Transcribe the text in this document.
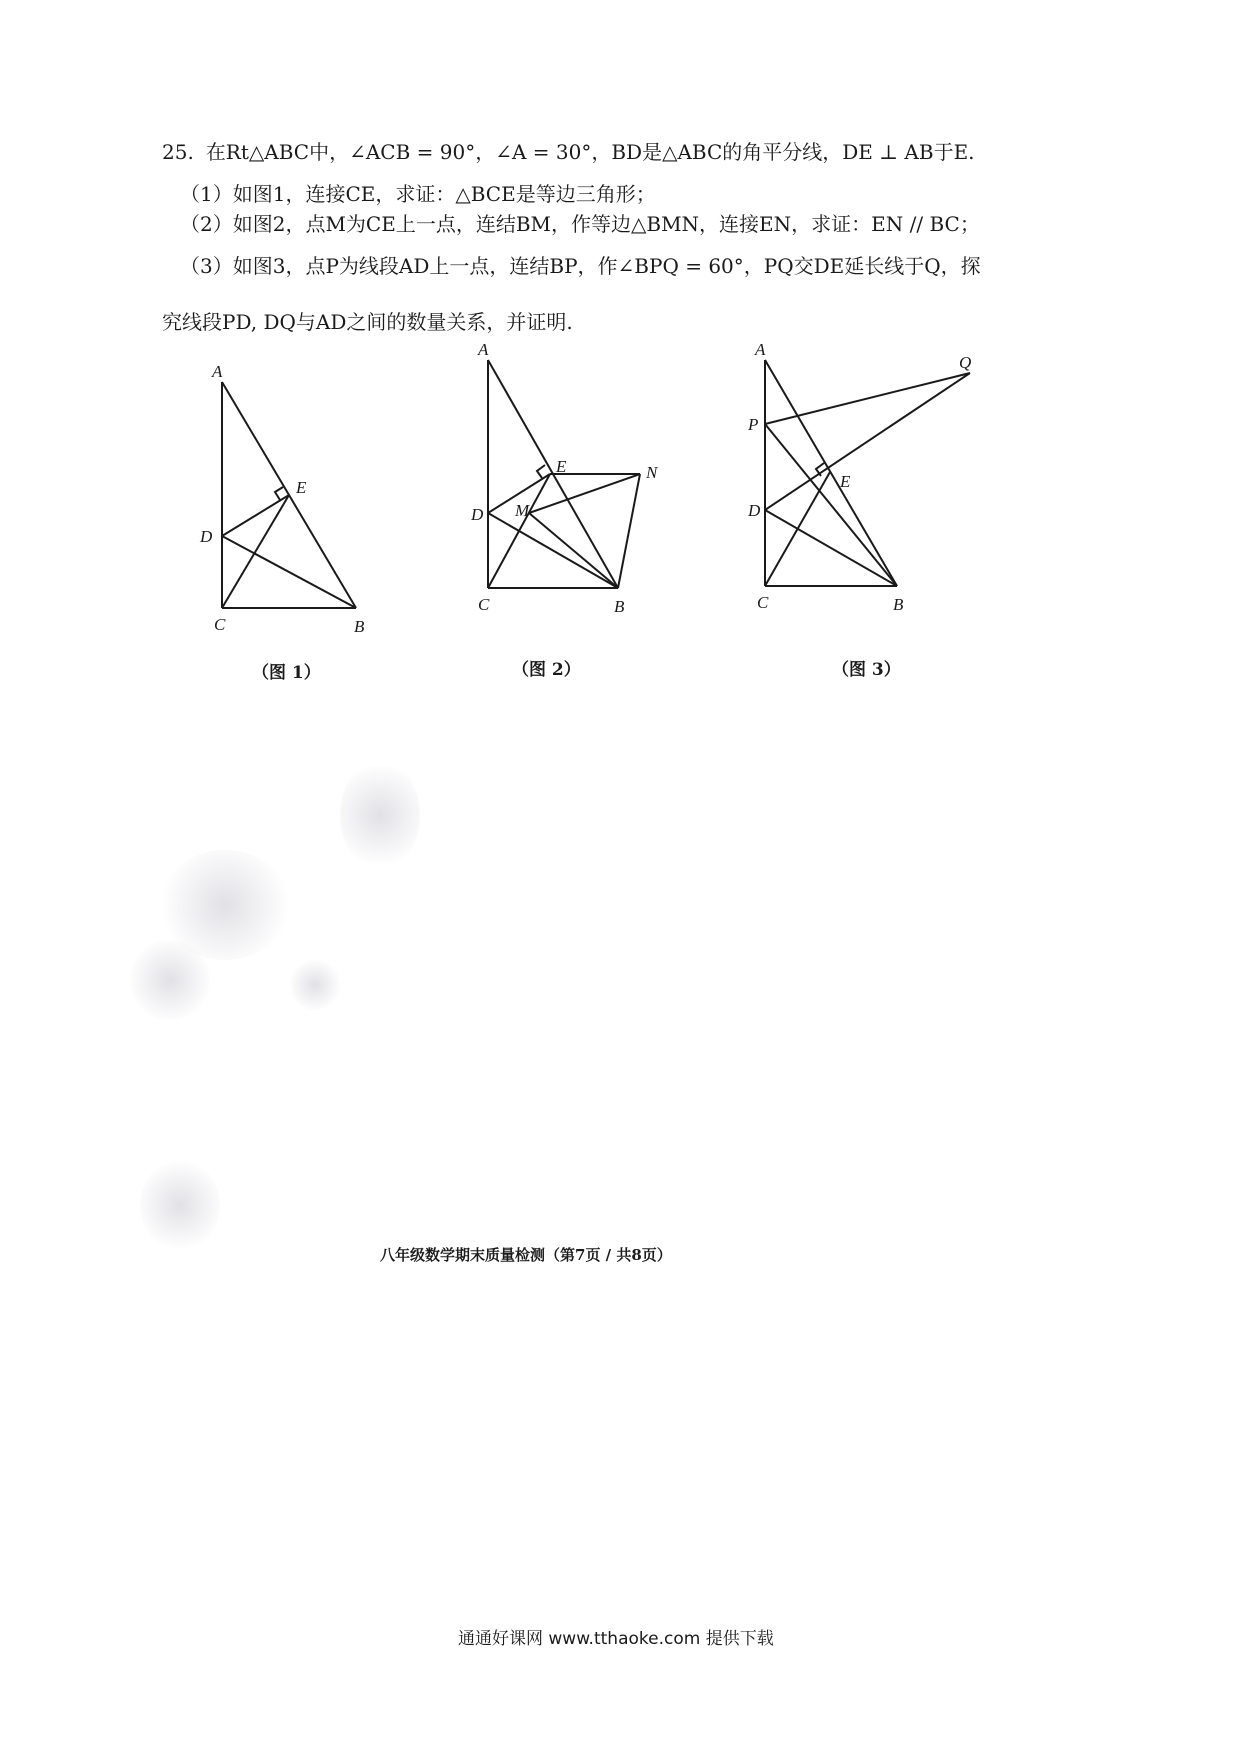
25. 在Rt△ABC中，∠ACB = 90°，∠A = 30°，BD是△ABC的角平分线，DE ⊥ AB于E.
（1）如图1，连接CE，求证：△BCE是等边三角形；
（2）如图2，点M为CE上一点，连结BM，作等边△BMN，连接EN，求证：EN // BC；
（3）如图3，点P为线段AD上一点，连结BP，作∠BPQ = 60°，PQ交DE延长线于Q，探
究线段PD, DQ与AD之间的数量关系，并证明.
A
E
D
C	B
（图 1）
A
E	N
D M
C	B
（图 2）
A
Q
P
E
D
C	B
（图 3）
八年级数学期末质量检测（第7页 / 共8页）
通通好课网 www.tthaoke.com 提供下载
